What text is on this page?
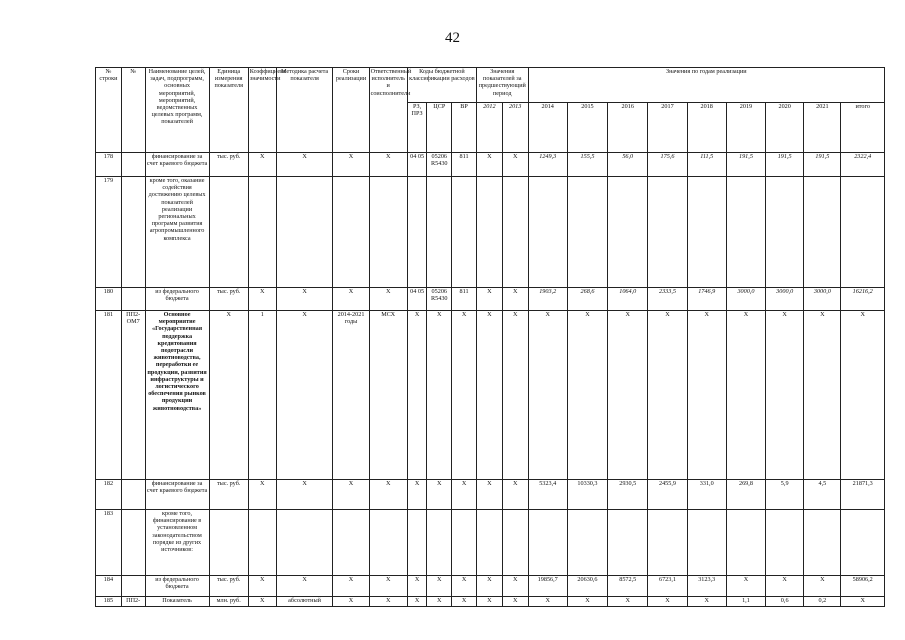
42
№ строки	№	Наименование целей, задач, подпрограмм, основных мероприятий, мероприятий, ведомственных целевых программ, показателей	Единица измерения показателя	Коэффициент значимости	Методика расчета показателя	Сроки реализации	Ответственный исполнитель и соисполнители	Коды бюджетной классификации расходов			Значения показателей за предшествующий период		Значения по годам реализации								
								РЗ, ПРЗ	ЦСР	ВР	2012	2013	2014	2015	2016	2017	2018	2019	2020	2021	итого
178		финансирование за счет краевого бюджета	тыс. руб.	Х	Х	Х	Х	04 05	05206 R5430	811	Х	Х	1249,3	155,5	56,0	175,6	111,5	191,5	191,5	191,5	2322,4
179		кроме того, оказание содействия достижению целевых показателей реализации региональных программ развития агропромышленного комплекса																			
180		из федерального бюджета	тыс. руб.	Х	Х	Х	Х	04 05	05206 R5430	811	Х	Х	1903,2	268,6	1064,0	2333,5	1746,9	3000,0	3000,0	3000,0	16216,2
181	ПП2-ОМ7	Основное мероприятие «Государственная поддержка кредитования подотрасли животноводства, переработки ее продукции, развития инфраструктуры и логистического обеспечения рынков продукции животноводства»	Х	1	Х	2014-2021 годы	МСХ	Х	Х	Х	Х	Х	Х	Х	Х	Х	Х	Х	Х	Х	Х
182		финансирование за счет краевого бюджета	тыс. руб.	Х	Х	Х	Х	Х	Х	Х	Х	Х	5323,4	10330,3	2930,5	2455,9	331,0	269,8	5,9	4,5	21871,3
183		кроме того, финансирование в установленном законодательством порядке из других источников:																			
184		из федерального бюджета	тыс. руб.	Х	Х	Х	Х	Х	Х	Х	Х	Х	19856,7	20630,6	8572,5	6723,1	3123,3	Х	Х	Х	58906,2
185	ПП2-	Показатель	млн. руб.	Х	абсолютный	Х	Х	Х	Х	Х	Х	Х	Х	Х	Х	Х	Х	1,1	0,6	0,2	Х
